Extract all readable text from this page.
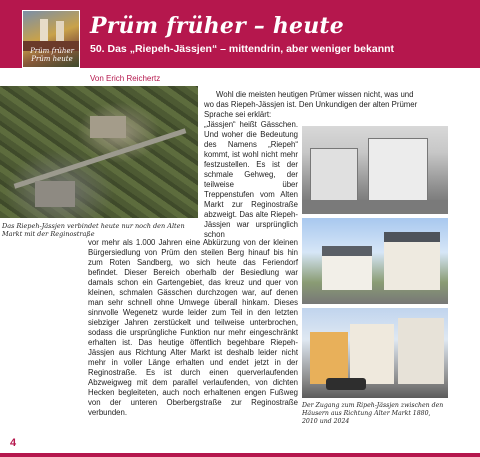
Prüm früher
Prüm heute
Prüm früher – heute
50. Das „Riepeh-Jässjen“ – mittendrin, aber weniger bekannt
Von Erich Reichertz
Das Riepeh-Jässjen verbindet heute nur noch den Alten Markt mit der Reginostraße

Wohl die meisten heutigen Prümer wissen nicht, was und

wo das Riepeh-Jässjen ist. Den Unkundigen der alten Prümer

Sprache sei erklärt:

„Jässjen“ heißt Gässchen. Und woher die Bedeutung des Namens „Riepeh“ kommt, ist wohl nicht mehr festzustellen. Es ist der schmale Gehweg, der teilweise über Treppenstufen vom Alten Markt zur Reginostraße abzweigt. Das alte Riepeh-Jässjen war ursprünglich schon

vor mehr als 1.000 Jahren eine Abkürzung von der kleinen Bürgersiedlung von Prüm den steilen Berg hinauf bis hin zum Roten Sandberg, wo sich heute das Feriendorf befindet. Dieser Bereich oberhalb der Besiedlung war damals schon ein Gartengebiet, das kreuz und quer von kleinen, schmalen Gässchen durchzogen war, auf denen man sehr schnell ohne Umwege überall hinkam. Dieses sinnvolle Wegenetz wurde leider zum Teil in den letzten siebziger Jahren zerstückelt und teilweise unterbrochen, sodass die ursprüngliche Funktion nur mehr eingeschränkt erhalten ist. Das heutige öffentlich begehbare Riepeh-Jässjen aus Richtung Alter Markt ist deshalb leider nicht mehr in voller Länge erhalten und endet jetzt in der Reginostraße. Es ist durch einen querverlaufenden Abzweigweg mit dem parallel verlaufenden, von dichten Hecken begleiteten, auch noch erhaltenen engen Fußweg von der unteren Oberbergstraße zur Reginostraße verbunden.

Der Zugang zum Ripeh-Jässjen zwischen den Häusern aus Richtung Alter Markt 1880, 2010 und 2024
4
